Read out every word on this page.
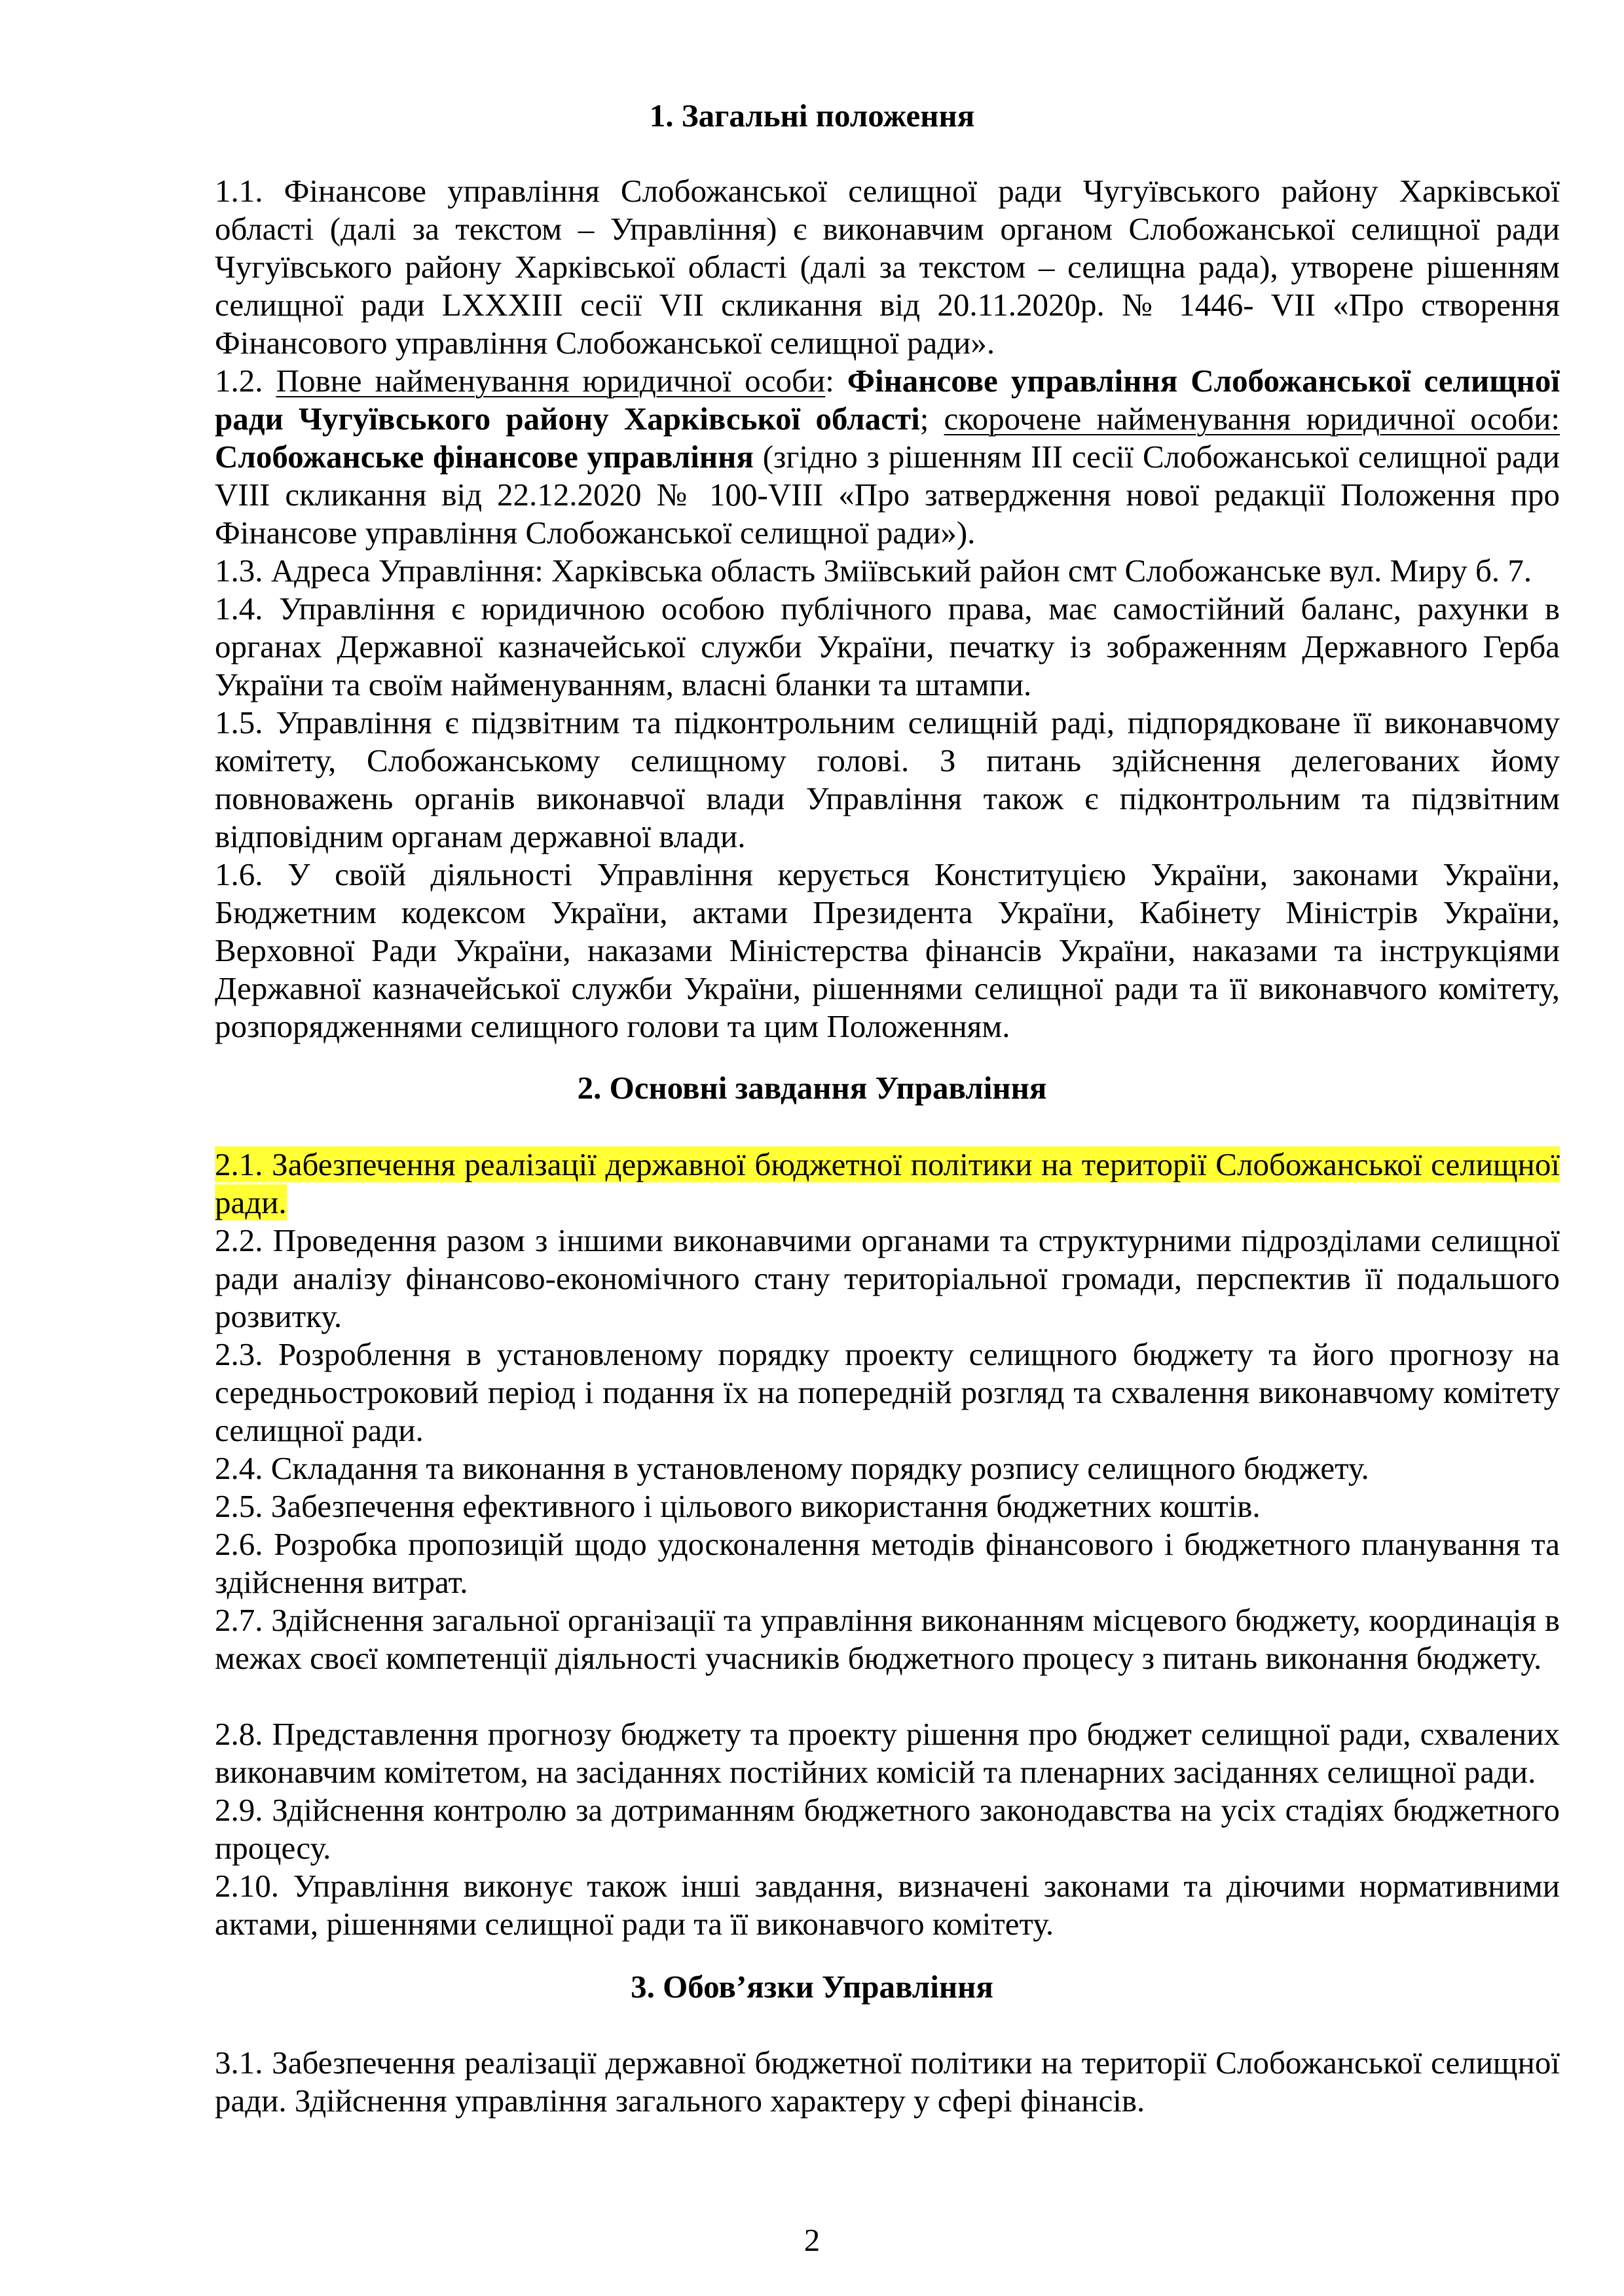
1. Загальні положення
1.1. Фінансове управління Слобожанської селищної ради Чугуївського району Харківської області (далі за текстом – Управління) є виконавчим органом Слобожанської селищної ради Чугуївського району Харківської області (далі за текстом – селищна рада), утворене рішенням селищної ради LXXXIII сесії VII скликання від 20.11.2020р. № 1446- VII «Про створення Фінансового управління Слобожанської селищної ради».
1.2. Повне найменування юридичної особи: Фінансове управління Слобожанської селищної ради Чугуївського району Харківської області; скорочене найменування юридичної особи: Слобожанське фінансове управління (згідно з рішенням ІІІ сесії Слобожанської селищної ради VIII скликання від 22.12.2020 № 100-VIII «Про затвердження нової редакції Положення про Фінансове управління Слобожанської селищної ради»).
1.3. Адреса Управління: Харківська область Зміївський район смт Слобожанське вул. Миру б. 7.
1.4. Управління є юридичною особою публічного права, має самостійний баланс, рахунки в органах Державної казначейської служби України, печатку із зображенням Державного Герба України та своїм найменуванням, власні бланки та штампи.
1.5. Управління є підзвітним та підконтрольним селищній раді, підпорядковане її виконавчому комітету, Слобожанському селищному голові. З питань здійснення делегованих йому повноважень органів виконавчої влади Управління також є підконтрольним та підзвітним відповідним органам державної влади.
1.6. У своїй діяльності Управління керується Конституцією України, законами України, Бюджетним кодексом України, актами Президента України, Кабінету Міністрів України, Верховної Ради України, наказами Міністерства фінансів України, наказами та інструкціями Державної казначейської служби України, рішеннями селищної ради та її виконавчого комітету, розпорядженнями селищного голови та цим Положенням.
2. Основні завдання Управління
2.1. Забезпечення реалізації державної бюджетної політики на території Слобожанської селищної ради.
2.2. Проведення разом з іншими виконавчими органами та структурними підрозділами селищної ради аналізу фінансово-економічного стану територіальної громади, перспектив її подальшого розвитку.
2.3. Розроблення в установленому порядку проекту селищного бюджету та його прогнозу на середньостроковий період і подання їх на попередній розгляд та схвалення виконавчому комітету селищної ради.
2.4. Складання та виконання в установленому порядку розпису селищного бюджету.
2.5. Забезпечення ефективного і цільового використання бюджетних коштів.
2.6. Розробка пропозицій щодо удосконалення методів фінансового і бюджетного планування та здійснення витрат.
2.7. Здійснення загальної організації та управління виконанням місцевого бюджету, координація в межах своєї компетенції діяльності учасників бюджетного процесу з питань виконання бюджету.
2.8. Представлення прогнозу бюджету та проекту рішення про бюджет селищної ради, схвалених виконавчим комітетом, на засіданнях постійних комісій та пленарних засіданнях селищної ради.
2.9. Здійснення контролю за дотриманням бюджетного законодавства на усіх стадіях бюджетного процесу.
2.10. Управління виконує також інші завдання, визначені законами та діючими нормативними актами, рішеннями селищної ради та її виконавчого комітету.
3. Обов’язки Управління
3.1. Забезпечення реалізації державної бюджетної політики на території Слобожанської селищної ради. Здійснення управління загального характеру у сфері фінансів.
2
